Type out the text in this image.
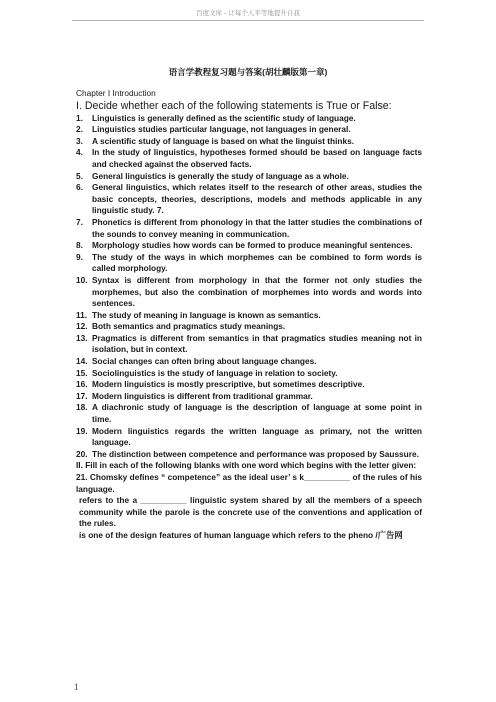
百度文库 - 让每个人平等地提升自我
语言学教程复习题与答案(胡壮麟版第一章)
Chapter I Introduction
I. Decide whether each of the following statements is True or False:
1. Linguistics is generally defined as the scientific study of language.
2. Linguistics studies particular language, not languages in general.
3. A scientific study of language is based on what the linguist thinks.
4. In the study of linguistics, hypotheses formed should be based on language facts and checked against the observed facts.
5. General linguistics is generally the study of language as a whole.
6. General linguistics, which relates itself to the research of other areas, studies the basic concepts, theories, descriptions, models and methods applicable in any linguistic study. 7.
7. Phonetics is different from phonology in that the latter studies the combinations of the sounds to convey meaning in communication.
8. Morphology studies how words can be formed to produce meaningful sentences.
9. The study of the ways in which morphemes can be combined to form words is called morphology.
10. Syntax is different from morphology in that the former not only studies the morphemes, but also the combination of morphemes into words and words into sentences.
11. The study of meaning in language is known as semantics.
12. Both semantics and pragmatics study meanings.
13. Pragmatics is different from semantics in that pragmatics studies meaning not in isolation, but in context.
14. Social changes can often bring about language changes.
15. Sociolinguistics is the study of language in relation to society.
16. Modern linguistics is mostly prescriptive, but sometimes descriptive.
17. Modern linguistics is different from traditional grammar.
18. A diachronic study of language is the description of language at some point in time.
19. Modern linguistics regards the written language as primary, not the written language.
20. The distinction between competence and performance was proposed by Saussure.
II. Fill in each of the following blanks with one word which begins with the letter given:
21. Chomsky defines “ competence” as the ideal user’ s k__________ of the rules of his language.
refers to the a __________ linguistic system shared by all the members of a speech community while the parole is the concrete use of the conventions and application of the rules.
is one of the design features of human language which refers to the pheno /广告网
1
